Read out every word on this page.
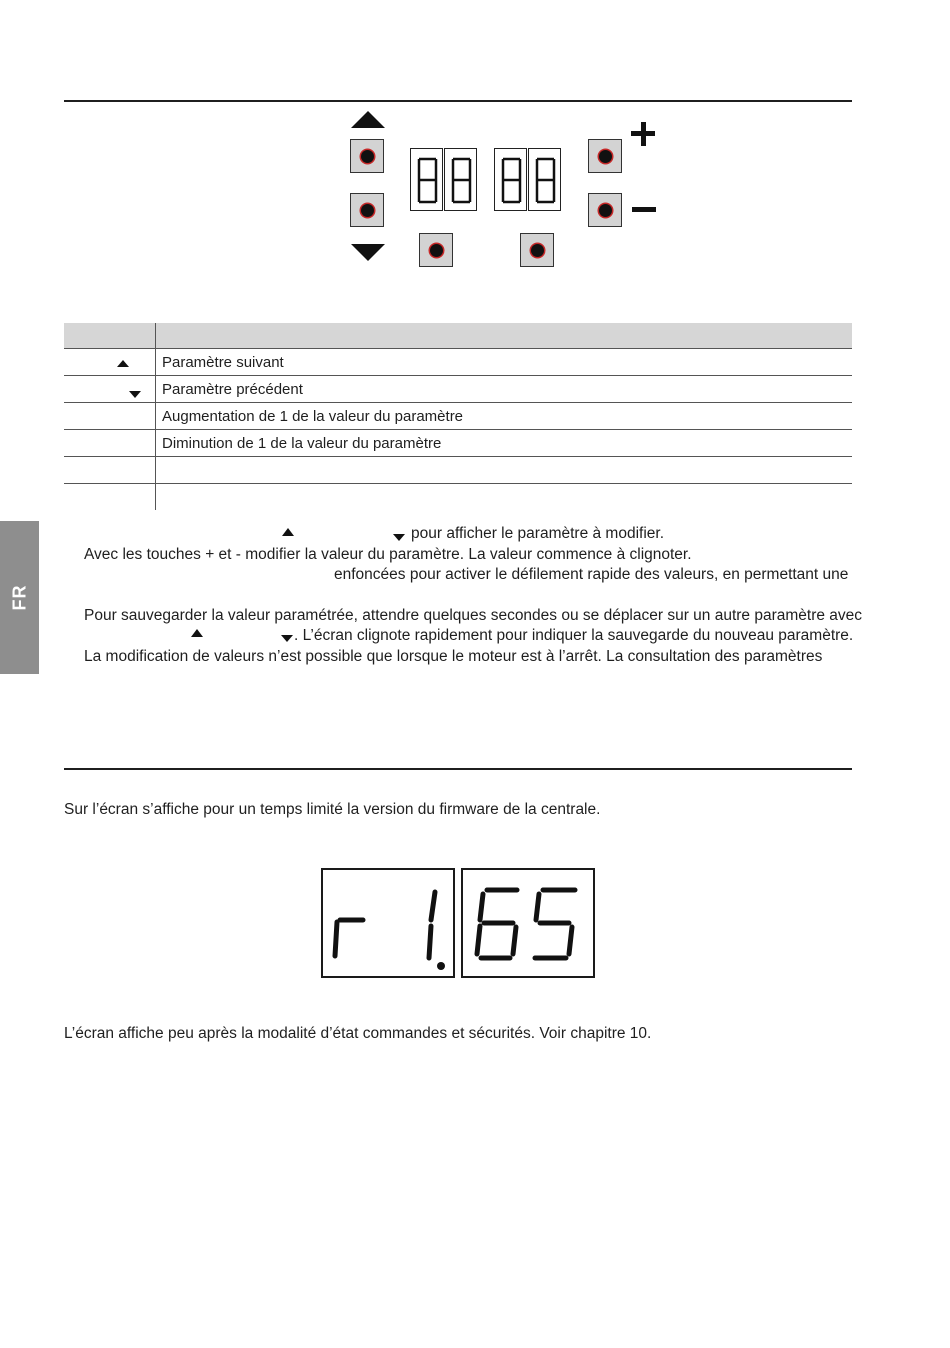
FR

	Paramètre suivant
	Paramètre précédent
	Augmentation de 1 de la valeur du paramètre
	Diminution de 1 de la valeur du paramètre

pour afficher le paramètre à modifier.
Avec les touches + et - modifier la valeur du paramètre. La valeur commence à clignoter.
enfoncées pour activer le défilement rapide des valeurs, en permettant une
Pour sauvegarder la valeur paramétrée, attendre quelques secondes ou se déplacer sur un autre paramètre avec
. L’écran clignote rapidement pour indiquer la sauvegarde du nouveau paramètre.
La modification de valeurs n’est possible que lorsque le moteur est à l’arrêt. La consultation des paramètres
Sur l’écran s’affiche pour un temps limité la version du firmware de la centrale.
L’écran affiche peu après la modalité d’état commandes et sécurités. Voir chapitre 10.
